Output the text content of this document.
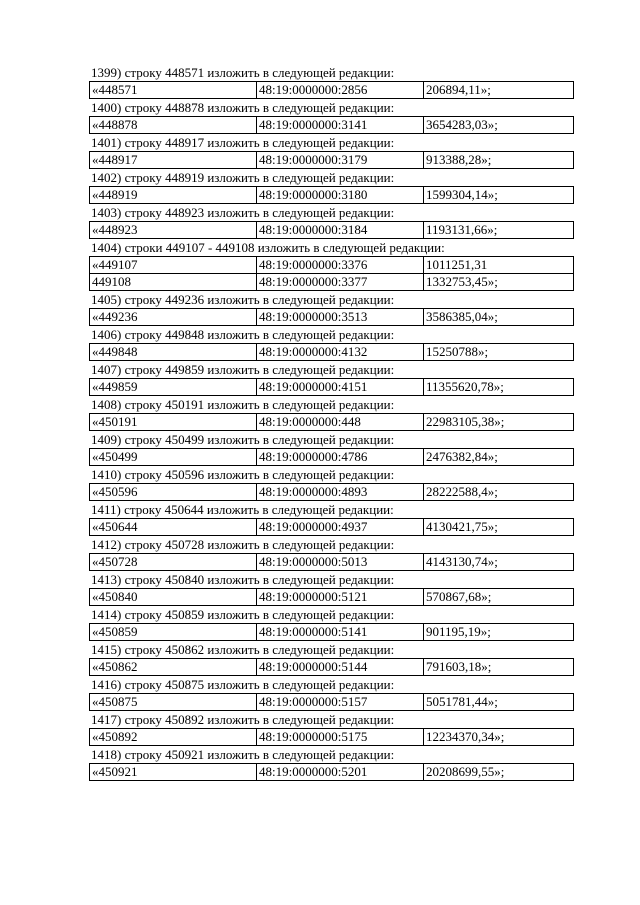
1399) строку 448571 изложить в следующей редакции:
«448571	48:19:0000000:2856	206894,11»;
1400) строку 448878 изложить в следующей редакции:
«448878	48:19:0000000:3141	3654283,03»;
1401) строку 448917 изложить в следующей редакции:
«448917	48:19:0000000:3179	913388,28»;
1402) строку 448919 изложить в следующей редакции:
«448919	48:19:0000000:3180	1599304,14»;
1403) строку 448923 изложить в следующей редакции:
«448923	48:19:0000000:3184	1193131,66»;
1404) строки 449107 - 449108 изложить в следующей редакции:
«449107	48:19:0000000:3376	1011251,31
449108	48:19:0000000:3377	1332753,45»;
1405) строку 449236 изложить в следующей редакции:
«449236	48:19:0000000:3513	3586385,04»;
1406) строку 449848 изложить в следующей редакции:
«449848	48:19:0000000:4132	15250788»;
1407) строку 449859 изложить в следующей редакции:
«449859	48:19:0000000:4151	11355620,78»;
1408) строку 450191 изложить в следующей редакции:
«450191	48:19:0000000:448	22983105,38»;
1409) строку 450499 изложить в следующей редакции:
«450499	48:19:0000000:4786	2476382,84»;
1410) строку 450596 изложить в следующей редакции:
«450596	48:19:0000000:4893	28222588,4»;
1411) строку 450644 изложить в следующей редакции:
«450644	48:19:0000000:4937	4130421,75»;
1412) строку 450728 изложить в следующей редакции:
«450728	48:19:0000000:5013	4143130,74»;
1413) строку 450840 изложить в следующей редакции:
«450840	48:19:0000000:5121	570867,68»;
1414) строку 450859 изложить в следующей редакции:
«450859	48:19:0000000:5141	901195,19»;
1415) строку 450862 изложить в следующей редакции:
«450862	48:19:0000000:5144	791603,18»;
1416) строку 450875 изложить в следующей редакции:
«450875	48:19:0000000:5157	5051781,44»;
1417) строку 450892 изложить в следующей редакции:
«450892	48:19:0000000:5175	12234370,34»;
1418) строку 450921 изложить в следующей редакции:
«450921	48:19:0000000:5201	20208699,55»;
